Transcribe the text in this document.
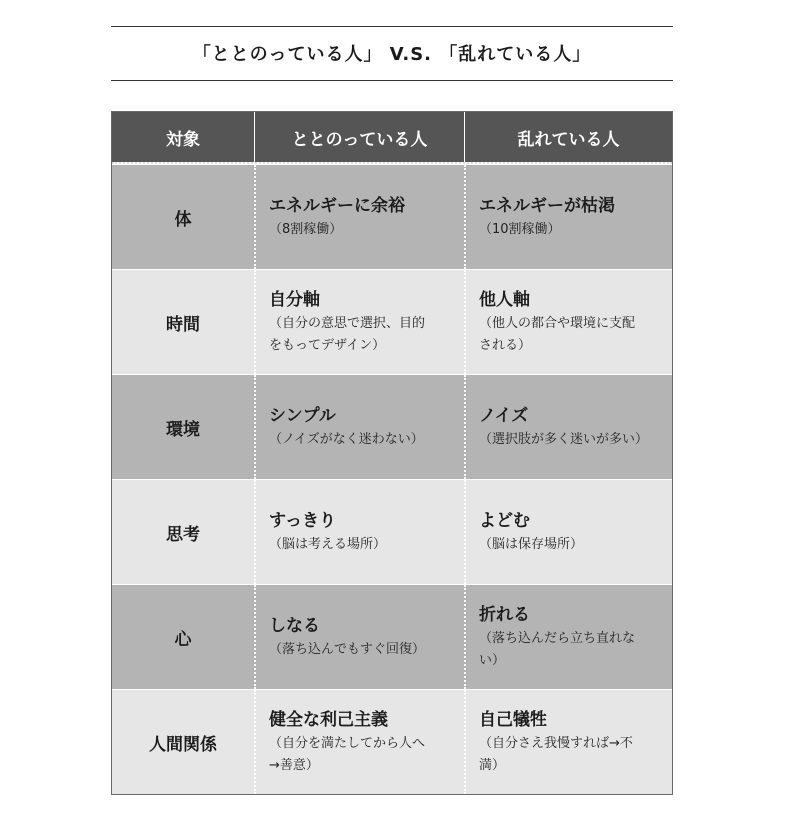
「ととのっている人」 V.S. 「乱れている人」
対象	ととのっている人	乱れている人
体
エネルギーに余裕
（8割稼働）
エネルギーが枯渇
（10割稼働）
時間
自分軸
（自分の意思で選択、目的
をもってデザイン）
他人軸
（他人の都合や環境に支配
される）
環境
シンプル
（ノイズがなく迷わない）
ノイズ
（選択肢が多く迷いが多い）
思考
すっきり
（脳は考える場所）
よどむ
（脳は保存場所）
心
しなる
（落ち込んでもすぐ回復）
折れる
（落ち込んだら立ち直れな
い）
人間関係
健全な利己主義
（自分を満たしてから人へ
→善意）
自己犠牲
（自分さえ我慢すれば→不
満）
